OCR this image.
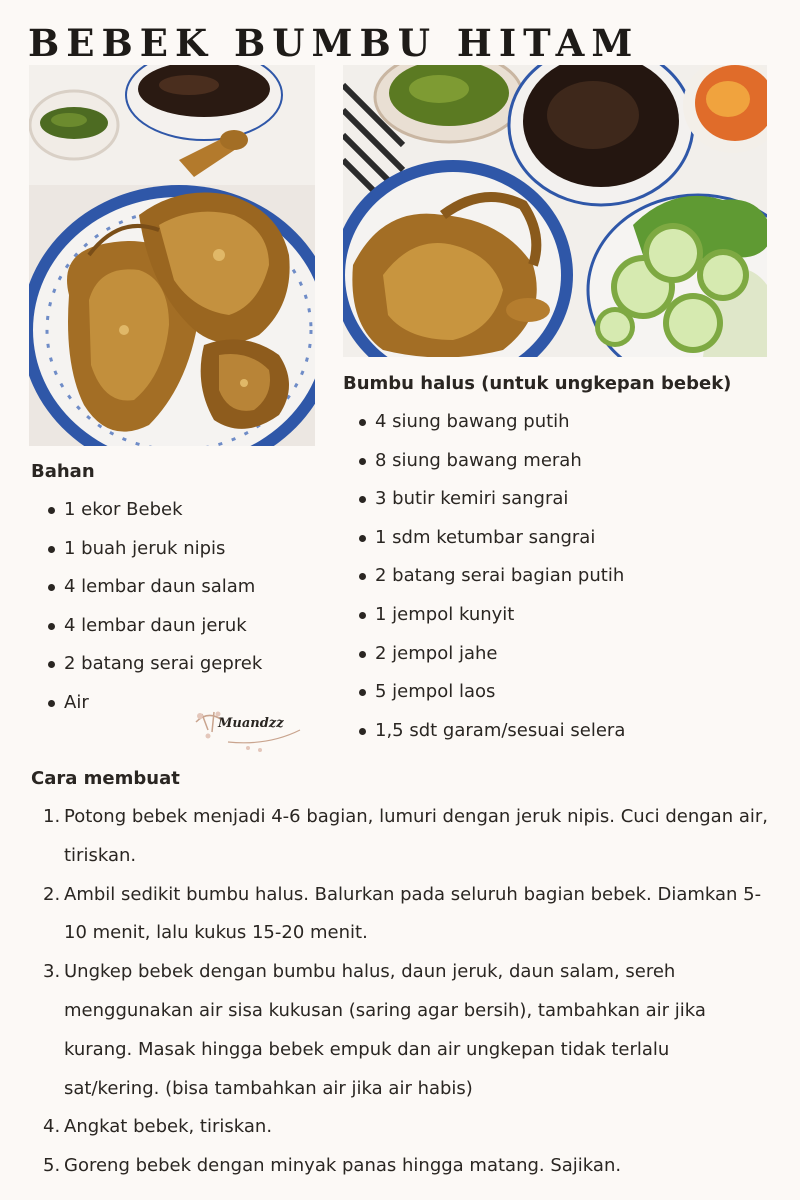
BEBEK BUMBU HITAM
Bahan
1 ekor Bebek
1 buah jeruk nipis
4 lembar daun salam
4 lembar daun jeruk
2 batang serai geprek
Air
Muandzz
Bumbu halus (untuk ungkepan bebek)
4 siung bawang putih
8 siung bawang merah
3 butir kemiri sangrai
1 sdm ketumbar sangrai
2 batang serai bagian putih
1 jempol kunyit
2 jempol jahe
5 jempol laos
1,5 sdt garam/sesuai selera
Cara membuat
1. Potong bebek menjadi 4-6 bagian, lumuri dengan jeruk nipis. Cuci dengan air, tiriskan.
2. Ambil sedikit bumbu halus. Balurkan pada seluruh bagian bebek. Diamkan 5-10 menit, lalu kukus 15-20 menit.
3. Ungkep bebek dengan bumbu halus, daun jeruk, daun salam, sereh menggunakan air sisa kukusan (saring agar bersih), tambahkan air jika kurang. Masak hingga bebek empuk dan air ungkepan tidak terlalu sat/kering. (bisa tambahkan air jika air habis)
4. Angkat bebek, tiriskan.
5. Goreng bebek dengan minyak panas hingga matang. Sajikan.
